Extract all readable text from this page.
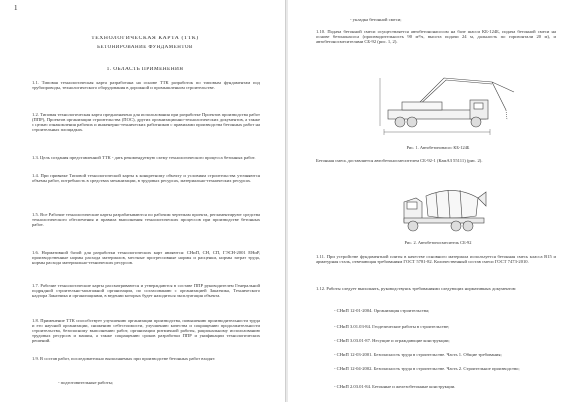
1
ТЕХНОЛОГИЧЕСКАЯ КАРТА (ТТК)
БЕТОНИРОВАНИЕ ФУНДАМЕНТОВ
1. ОБЛАСТЬ ПРИМЕНЕНИЯ
1.1. Типовая технологическая карта разработана на основе ТТК разработок по типовым фундаментам под трубопроводы, технологического оборудования в дорожной и промышленном строительстве.
1.2. Типовая технологическая карта предназначена для использования при разработке Проектов производства работ (ППР), Проектов организации строительства (ПОС), других организационно-технологических документов, а также с целью ознакомления рабочих и инженерно-технических работников с правилами производства бетонных работ на строительных площадках.
1.3. Цель создания представленной ТТК - дать рекомендуемую схему технологического процесса бетонных работ.
1.4. При привязке Типовой технологической карты к конкретному объекту и условиям строительства уточняются объемы работ, потребность в средствах механизации, в трудовых ресурсах, материально-технических ресурсах.
1.5. Все Рабочие технологические карты разрабатываются по рабочим чертежам проекта, регламентируют средства технологического обеспечения и правила выполнения технологических процессов при производстве бетонных работ.
1.6. Нормативной базой для разработки технологических карт являются: СНиП, СН, СП, ГЭСН-2001 ЕНиР, производственные нормы расхода материалов, местные прогрессивные нормы и расценки, нормы затрат труда, нормы расхода материально-технических ресурсов.
1.7. Рабочие технологические карты рассматриваются и утверждаются в составе ППР руководителем Генеральной подрядной строительно-монтажной организации, по согласованию с организацией Заказчика, Технического надзора Заказчика и организациями, в ведении которых будет находиться эксплуатация объекта.
1.8. Применение ТТК способствует улучшению организации производства, повышению производительности труда и его научной организации, снижению себестоимости, улучшению качества и сокращению продолжительности строительства, безопасному выполнению работ, организации ритмичной работы, рациональному использованию трудовых ресурсов и машин, а также сокращению сроков разработки ППР и унификации технологических решений.
1.9. В состав работ, последовательно выполняемых при производстве бетонных работ входят:
- подготовительные работы;
- укладка бетонной смеси;
1.10. Подача бетонной смеси осуществляется автобетононасосом на базе шасси КБ-124Б, подача бетонной смеси на основе бетононасоса (производительность 90 м³/ч, высота подачи 24 м, дальность по горизонтали 20 м), и автобетоносмесителями СБ-92 (рис. 1, 2).
Рис. 1. Автобетононасос КБ-124Б
Бетонная смесь доставляется автобетоносмесителем СБ-92-1 (КамАЗ 55111) (рис. 2).
Рис. 2. Автобетоносмеситель СБ-92
1.11. При устройстве фундаментной плиты в качестве основного материала используется бетонная смесь класса В15 и арматурная сталь, отвечающая требованиям ГОСТ 5781-82. Количественный состав смеси ГОСТ 7473-2010.
1.12. Работы следует выполнять, руководствуясь требованиями следующих нормативных документов:
- СНиП 12-01-2004. Организация строительства;
- СНиП 3.01.03-84. Геодезические работы в строительстве;
- СНиП 3.03.01-87. Несущие и ограждающие конструкции;
- СНиП 12-03-2001. Безопасность труда в строительстве. Часть 1. Общие требования;
- СНиП 12-04-2002. Безопасность труда в строительстве. Часть 2. Строительное производство;
- СНиП 2.03.01-84. Бетонные и железобетонные конструкции.
